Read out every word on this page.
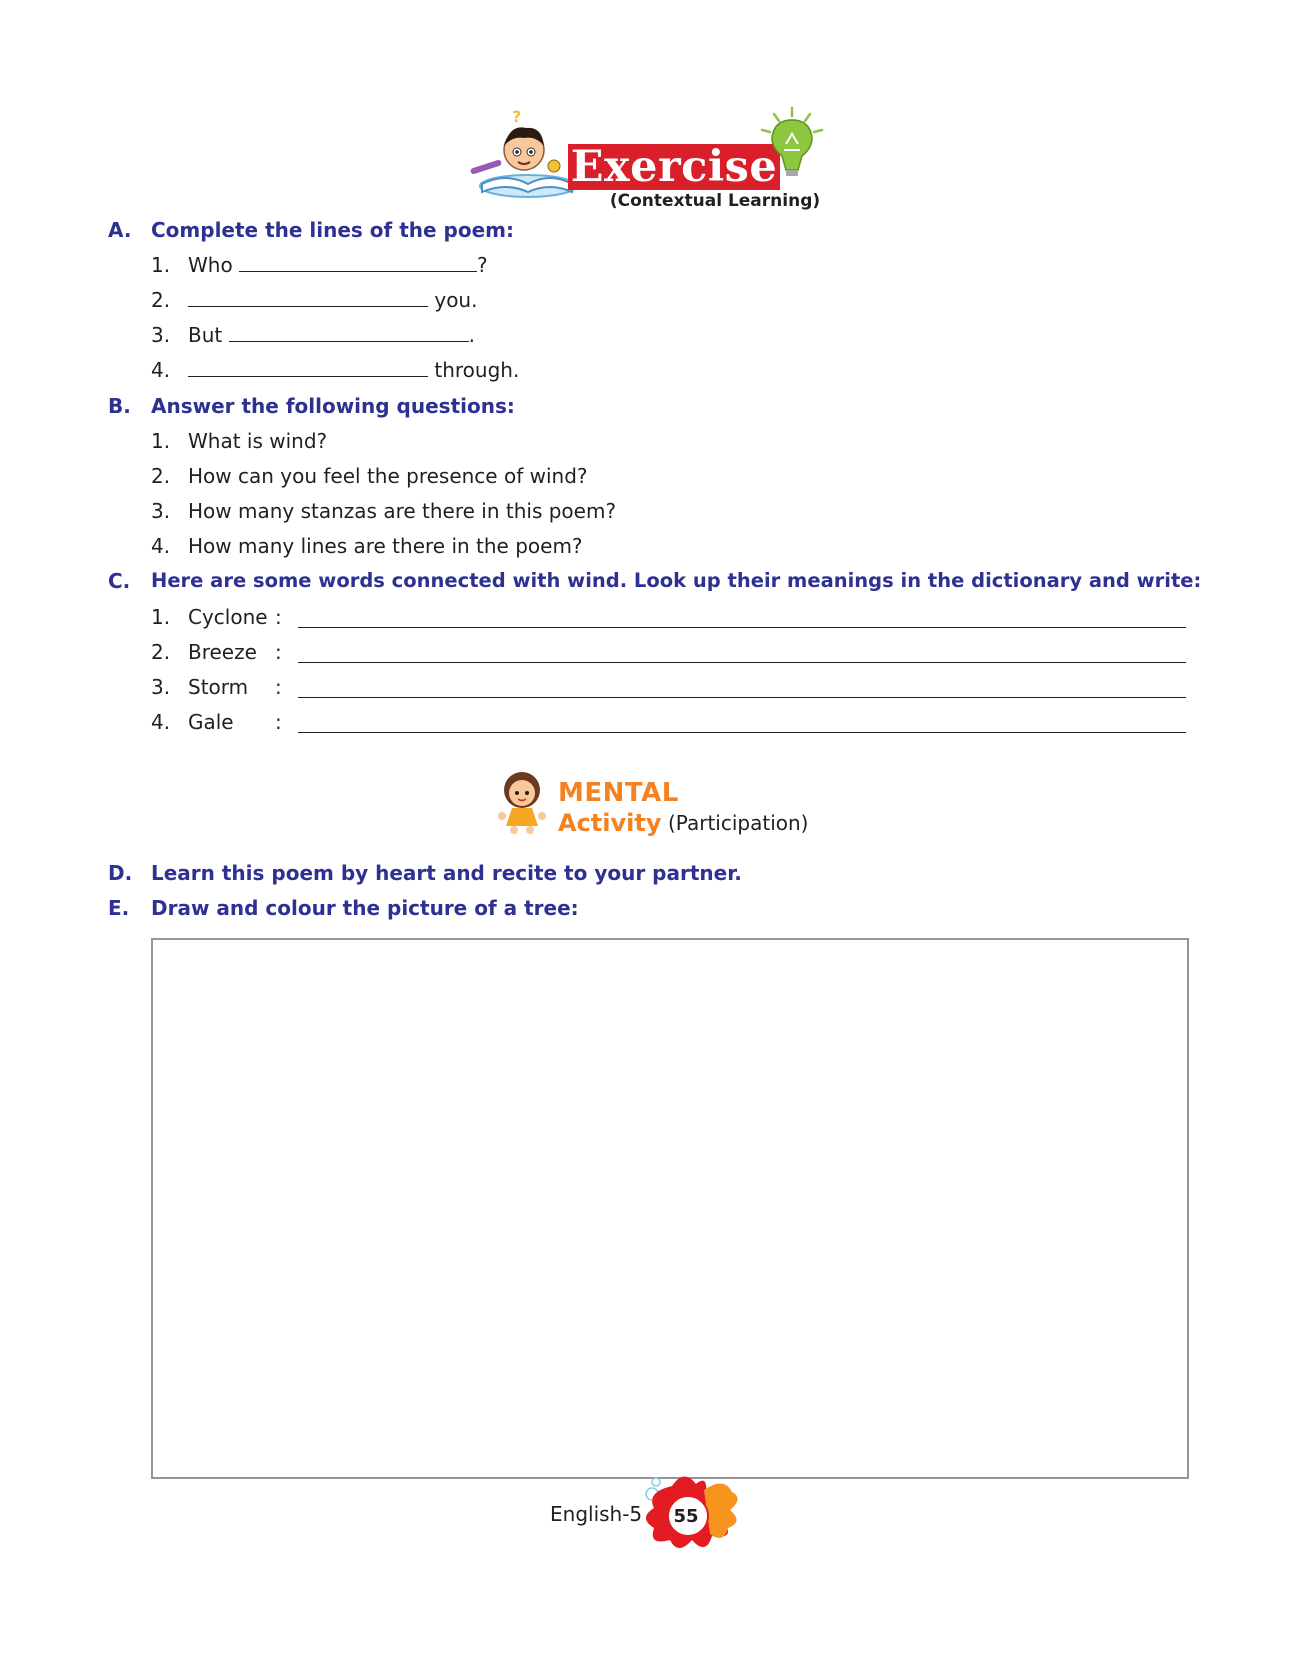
?
Exercise
(Contextual Learning)
A. Complete the lines of the poem:
1. Who	?
2.	you.
3. But	.
4.	through.
B. Answer the following questions:
1. What is wind?
2. How can you feel the presence of wind?
3. How many stanzas are there in this poem?
4. How many lines are there in the poem?
C. Here are some words connected with wind. Look up their meanings in the dictionary and write:
1. Cyclone :
2. Breeze :
3. Storm :
4. Gale :
MENTAL
Activity (Participation)
D. Learn this poem by heart and recite to your partner.
E. Draw and colour the picture of a tree:
English-5	55
